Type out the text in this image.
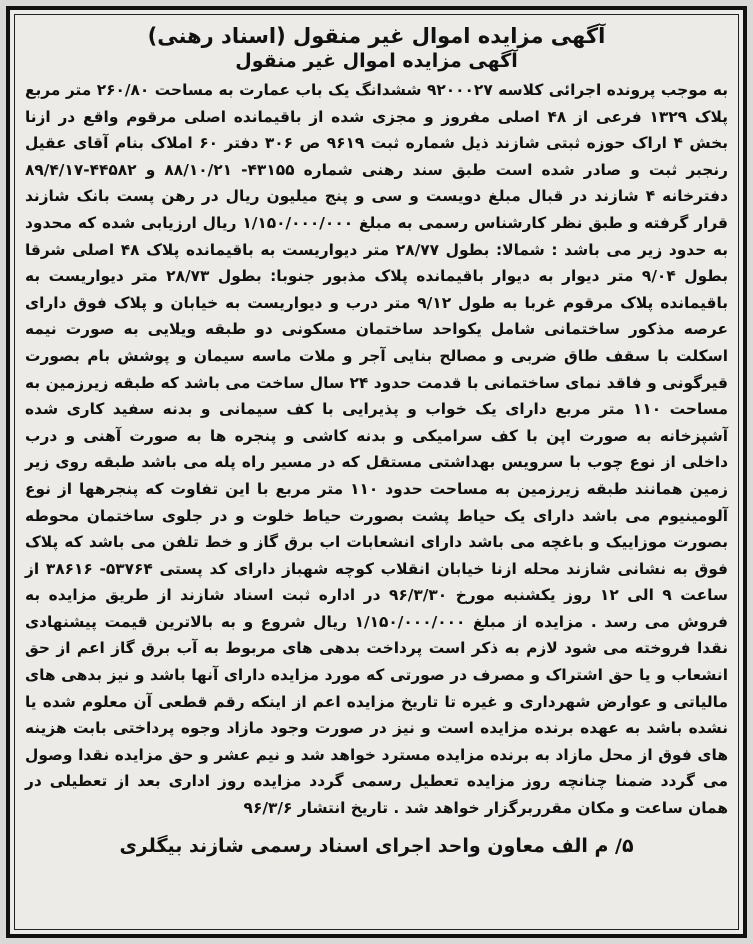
آگهی مزایده اموال غیر منقول (اسناد رهنی)
آگهی مزایده اموال غیر منقول
به موجب پرونده اجرائی کلاسه ۹۲۰۰۰۲۷ ششدانگ یک باب عمارت به مساحت ۲۶۰/۸۰ متر مربع پلاک ۱۳۲۹ فرعی از ۴۸ اصلی مفروز و مجزی شده از باقیمانده اصلی مرقوم واقع در ازنا بخش ۴ اراک حوزه ثبتی شازند ذیل شماره ثبت ۹۶۱۹ ص ۳۰۶ دفتر ۶۰ املاک بنام آقای عقیل رنجبر ثبت و صادر شده است طبق سند رهنی شماره ۴۳۱۵۵- ۸۸/۱۰/۲۱ و ۴۴۵۸۲-۸۹/۴/۱۷ دفترخانه ۴ شازند در قبال مبلغ دویست و سی و پنج میلیون ریال در رهن پست بانک شازند قرار گرفته و طبق نظر کارشناس رسمی به مبلغ ۱/۱۵۰/۰۰۰/۰۰۰ ریال ارزیابی شده که محدود به حدود زیر می باشد : شمالا: بطول ۲۸/۷۷ متر دیواریست به باقیمانده پلاک ۴۸ اصلی شرقا بطول ۹/۰۴ متر دیوار به دیوار باقیمانده پلاک مذبور جنوبا: بطول ۲۸/۷۳ متر دیواریست به باقیمانده پلاک مرقوم غربا به طول ۹/۱۲ متر درب و دیواریست به خیابان و پلاک فوق دارای عرصه مذکور ساختمانی شامل یکواحد ساختمان مسکونی دو طبقه ویلایی به صورت نیمه اسکلت با سقف طاق ضربی و مصالح بنایی آجر و ملات ماسه سیمان و پوشش بام بصورت قیرگونی و فاقد نمای ساختمانی با قدمت حدود ۲۴ سال ساخت می باشد که طبقه زیرزمین به مساحت ۱۱۰ متر مربع دارای یک خواب و پذیرایی با کف سیمانی و بدنه سفید کاری شده آشپزخانه به صورت اپن با کف سرامیکی و بدنه کاشی و پنجره ها به صورت آهنی و درب داخلی از نوع چوب با سرویس بهداشتی مستقل که در مسیر راه پله می باشد طبقه روی زیر زمین همانند طبقه زیرزمین به مساحت حدود ۱۱۰ متر مربع با این تفاوت که پنجرهها از نوع آلومینیوم می باشد دارای یک حیاط پشت بصورت حیاط خلوت و در جلوی ساختمان محوطه بصورت موزاییک و باغچه می باشد دارای انشعابات اب برق گاز و خط تلفن می باشد که پلاک فوق به نشانی شازند محله ازنا خیابان انقلاب کوچه شهباز دارای کد پستی ۵۳۷۶۴- ۳۸۶۱۶ از ساعت ۹ الی ۱۲ روز یکشنبه مورخ ۹۶/۳/۳۰ در اداره ثبت اسناد شازند از طریق مزایده به فروش می رسد . مزایده از مبلغ ۱/۱۵۰/۰۰۰/۰۰۰ ریال شروع و به بالاترین قیمت پیشنهادی نقدا فروخته می شود لازم به ذکر است پرداخت بدهی های مربوط به آب برق گاز اعم از حق انشعاب و یا حق اشتراک و مصرف در صورتی که مورد مزایده دارای آنها باشد و نیز بدهی های مالیاتی و عوارض شهرداری و غیره تا تاریخ مزایده اعم از اینکه رقم قطعی آن معلوم شده یا نشده باشد به عهده برنده مزایده است و نیز در صورت وجود مازاد وجوه پرداختی بابت هزینه های فوق از محل مازاد به برنده مزایده مسترد خواهد شد و نیم عشر و حق مزایده نقدا وصول می گردد ضمنا چنانچه روز مزایده تعطیل رسمی گردد مزایده روز اداری بعد از تعطیلی در همان ساعت و مکان مقرربرگزار خواهد شد . تاریخ انتشار ۹۶/۳/۶
۵/ م الف معاون واحد اجرای اسناد رسمی شازند بیگلری
